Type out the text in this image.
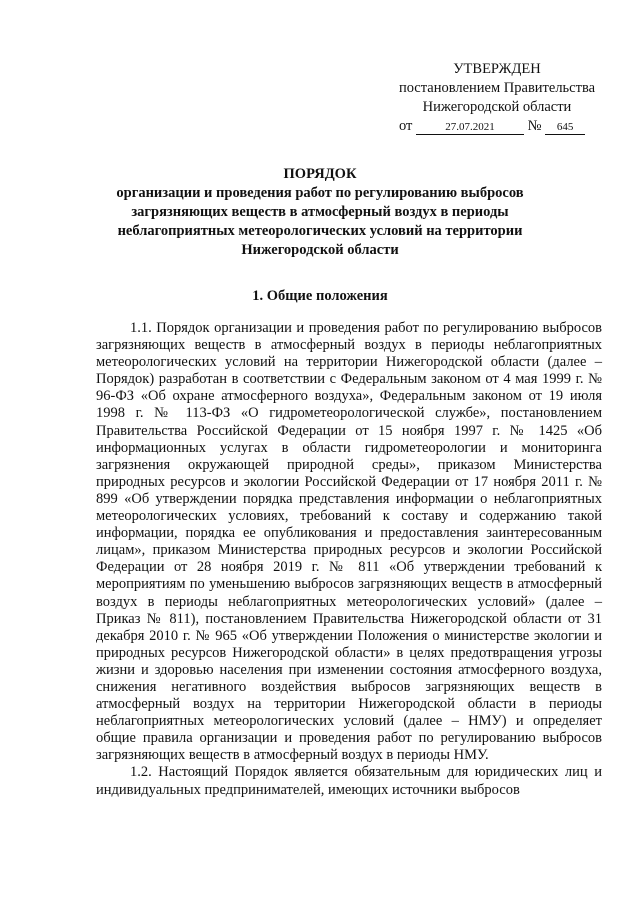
УТВЕРЖДЕН
постановлением Правительства
Нижегородской области
от	27.07.2021 № 645
ПОРЯДОК
организации и проведения работ по регулированию выбросов
загрязняющих веществ в атмосферный воздух в периоды
неблагоприятных метеорологических условий на территории
Нижегородской области
1. Общие положения

1.1. Порядок организации и проведения работ по регулированию выбросов загрязняющих веществ в атмосферный воздух в периоды неблагоприятных метеорологических условий на территории Нижегородской области (далее – Порядок) разработан в соответствии с Федеральным законом от 4 мая 1999 г. № 96-ФЗ «Об охране атмосферного воздуха», Федеральным законом от 19 июля 1998 г. № 113-ФЗ «О гидрометеорологической службе», постановлением Правительства Российской Федерации от 15 ноября 1997 г. № 1425 «Об информационных услугах в области гидрометеорологии и мониторинга загрязнения окружающей природной среды», приказом Министерства природных ресурсов и экологии Российской Федерации от 17 ноября 2011 г. № 899 «Об утверждении порядка представления информации о неблагоприятных метеорологических условиях, требований к составу и содержанию такой информации, порядка ее опубликования и предоставления заинтересованным лицам», приказом Министерства природных ресурсов и экологии Российской Федерации от 28 ноября 2019 г. № 811 «Об утверждении требований к мероприятиям по уменьшению выбросов загрязняющих веществ в атмосферный воздух в периоды неблагоприятных метеорологических условий» (далее – Приказ № 811), постановлением Правительства Нижегородской области от 31 декабря 2010 г. № 965 «Об утверждении Положения о министерстве экологии и природных ресурсов Нижегородской области» в целях предотвращения угрозы жизни и здоровью населения при изменении состояния атмосферного воздуха, снижения негативного воздействия выбросов загрязняющих веществ в атмосферный воздух на территории Нижегородской области в периоды неблагоприятных метеорологических условий (далее – НМУ) и определяет общие правила организации и проведения работ по регулированию выбросов загрязняющих веществ в атмосферный воздух в периоды НМУ.

1.2. Настоящий Порядок является обязательным для юридических лиц и индивидуальных предпринимателей, имеющих источники выбросов
